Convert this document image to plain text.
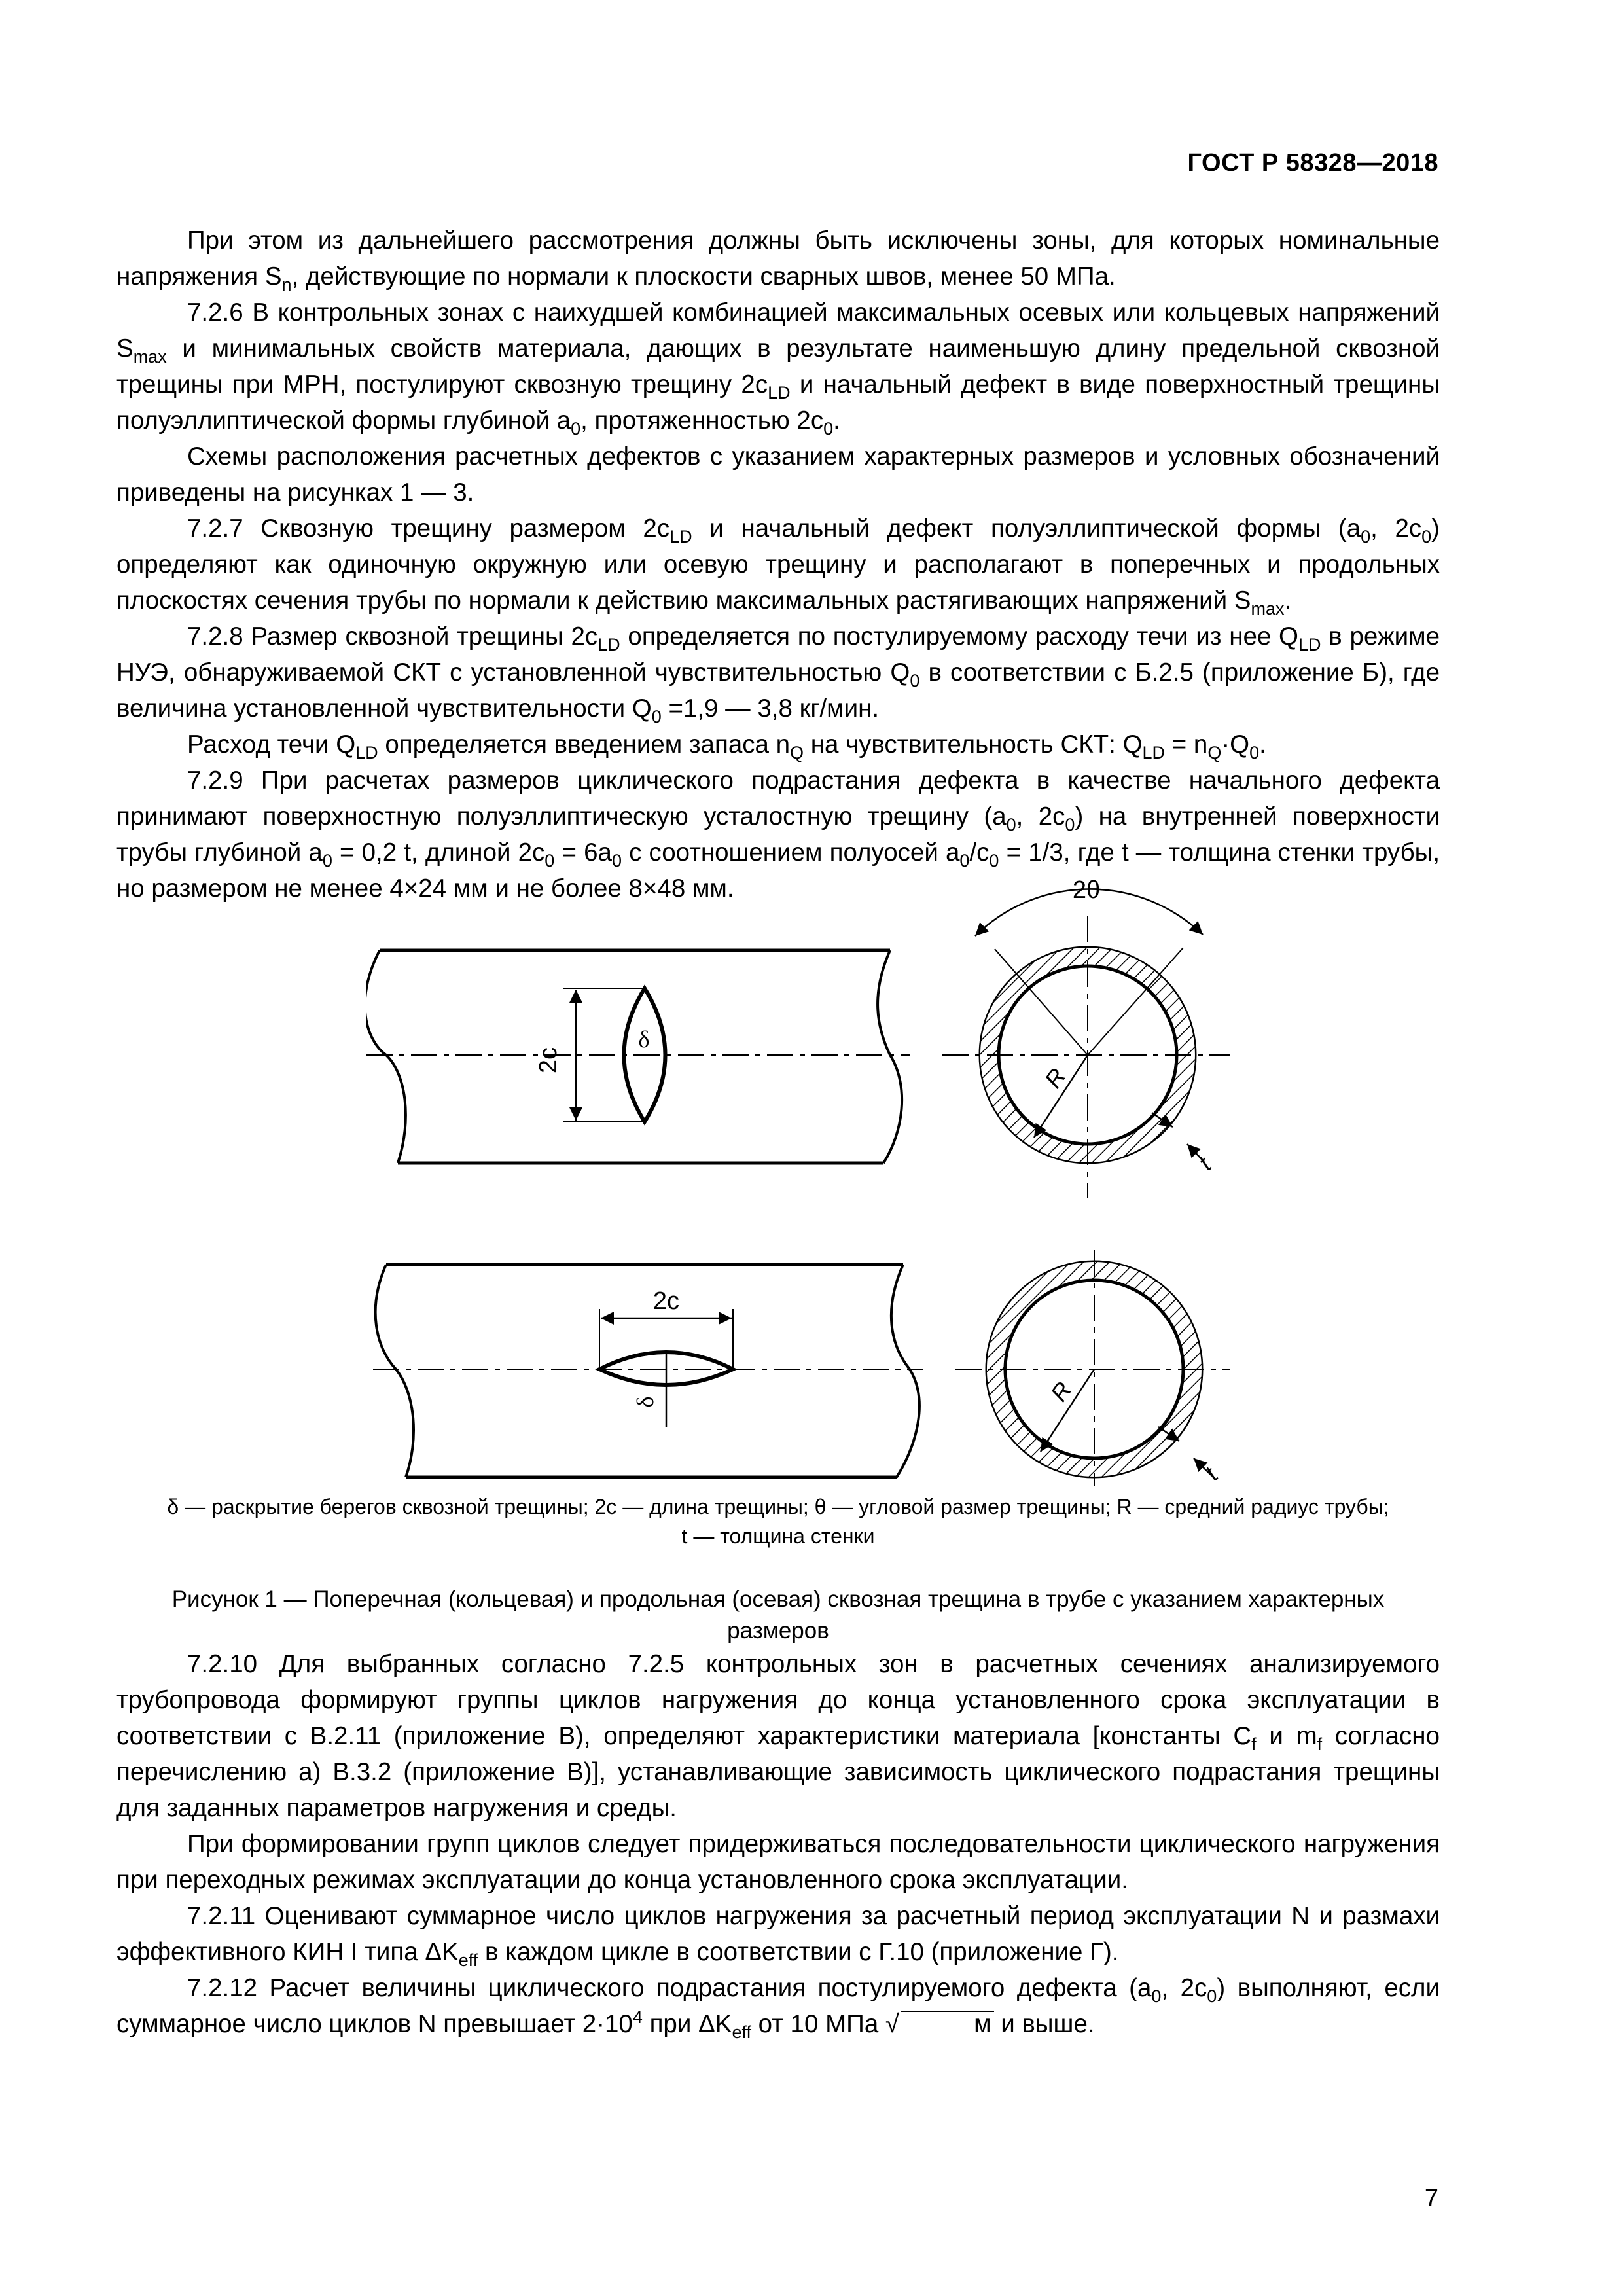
ГОСТ Р 58328—2018

При этом из дальнейшего рассмотрения должны быть исключены зоны, для которых номинальные напряжения $S_n$, действующие по нормали к плоскости сварных швов, менее 50 МПа.

7.2.6 В контрольных зонах с наихудшей комбинацией максимальных осевых или кольцевых напряжений $S_{max}$ и минимальных свойств материала, дающих в результате наименьшую длину предельной сквозной трещины при МРН, постулируют сквозную трещину $2c_{LD}$ и начальный дефект в виде поверхностный трещины полуэллиптической формы глубиной $a_0$, протяженностью $2c_0$.

Схемы расположения расчетных дефектов с указанием характерных размеров и условных обозначений приведены на рисунках 1 — 3.

7.2.7 Сквозную трещину размером $2c_{LD}$ и начальный дефект полуэллиптической формы ($a_0$, $2c_0$) определяют как одиночную окружную или осевую трещину и располагают в поперечных и продольных плоскостях сечения трубы по нормали к действию максимальных растягивающих напряжений $S_{max}$.

7.2.8 Размер сквозной трещины $2c_{LD}$ определяется по постулируемому расходу течи из нее $Q_{LD}$ в режиме НУЭ, обнаруживаемой СКТ с установленной чувствительностью $Q_0$ в соответствии с Б.2.5 (приложение Б), где величина установленной чувствительности $Q_0 =1,9$ — 3,8 кг/мин.

Расход течи $Q_{LD}$ определяется введением запаса $n_Q$ на чувствительность СКТ: $Q_{LD} = n_Q\cdot Q_0$.

7.2.9 При расчетах размеров циклического подрастания дефекта в качестве начального дефекта принимают поверхностную полуэллиптическую усталостную трещину ($a_0$, $2c_0$) на внутренней поверхности трубы глубиной $a_0 = 0,2$ t, длиной $2c_0 = 6a_0$ с соотношением полуосей $a_0/c_0 = 1/3$, где t — толщина стенки трубы, но размером не менее 4×24 мм и не более 8×48 мм.

2c
δ
2θ
R
t
2c
δ	R
t
δ — раскрытие берегов сквозной трещины; 2c — длина трещины; θ — угловой размер трещины; R — средний радиус трубы;
t — толщина стенки
Рисунок 1 — Поперечная (кольцевая) и продольная (осевая) сквозная трещина в трубе с указанием характерных
размеров

7.2.10 Для выбранных согласно 7.2.5 контрольных зон в расчетных сечениях анализируемого трубопровода формируют группы циклов нагружения до конца установленного срока эксплуатации в соответствии с В.2.11 (приложение В), определяют характеристики материала [константы $C_f$ и $m_f$ согласно перечислению а) В.3.2 (приложение В)], устанавливающие зависимость циклического подрастания трещины для заданных параметров нагружения и среды.

При формировании групп циклов следует придерживаться последовательности циклического нагружения при переходных режимах эксплуатации до конца установленного срока эксплуатации.

7.2.11 Оценивают суммарное число циклов нагружения за расчетный период эксплуатации N и размахи эффективного КИН I типа $\Delta K_{eff}$ в каждом цикле в соответствии с Г.10 (приложение Г).

7.2.12 Расчет величины циклического подрастания постулируемого дефекта ($a_0$, $2c_0$) выполняют, если суммарное число циклов N превышает $2\cdot 10^4$ при $\Delta K_{eff}$ от 10 МПа √	м и выше.

7
